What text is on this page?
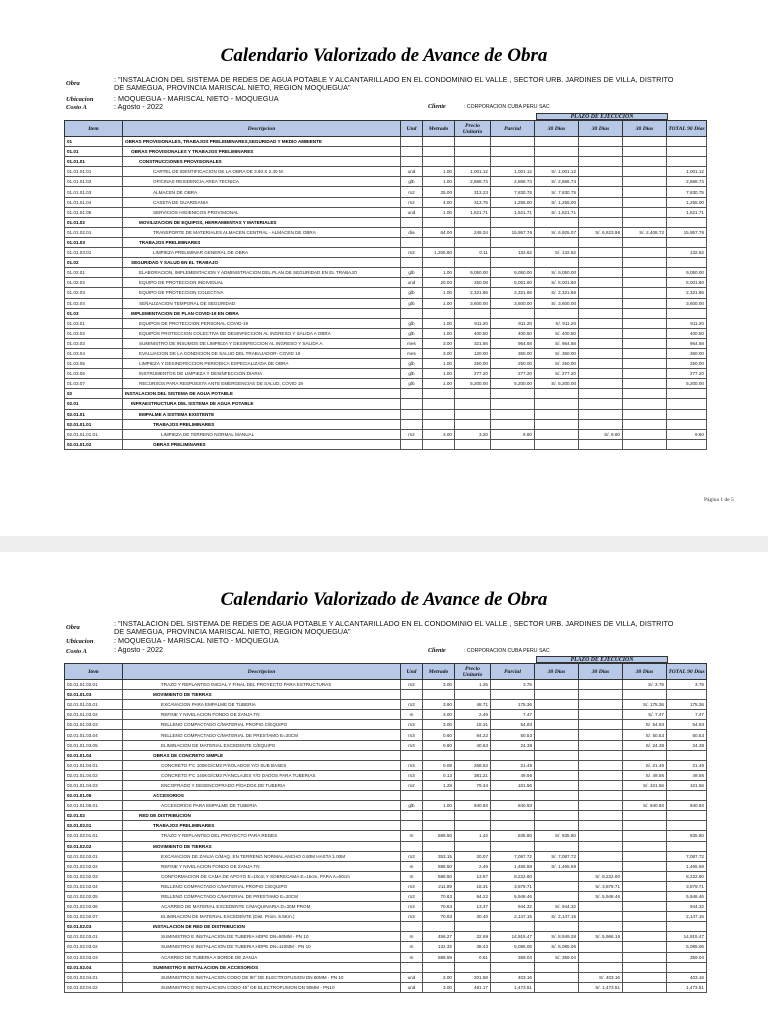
Calendario Valorizado de Avance de Obra
Obra	: "INSTALACION DEL SISTEMA DE REDES DE AGUA POTABLE Y ALCANTARILLADO EN EL CONDOMINIO EL VALLE , SECTOR URB. JARDINES DE VILLA, DISTRITO DE SAMEGUA, PROVINCIA MARISCAL NIETO, REGION MOQUEGUA"
Ubicacion	: MOQUEGUA - MARISCAL NIETO - MOQUEGUA
Costo A	: Agosto - 2022	Cliente	: CORPORACION CUBA PERU SAC
PLAZO DE EJECUCION
Item	Descripcion	Und	Metrado	Precio Unitario	Parcial	30 Dias	30 Dias	30 Dias	TOTAL 90 Dias
01	OBRAS PROVISIONALES, TRABAJOS PRELEIMINARES,SEGURIDAD Y MEDIO AMBIENTE								
01.01	OBRAS PROVISIONALES Y TRABAJOS PRELIMINARES								
01.01.01	CONSTRUCCIONES PROVISIONALES								
01.01.01.01	CARTEL DE IDENTIFICACION DE LA OBRA DE 3.60 X 2.40 M.	und	1.00	1,001.12	1,001.12	S/. 1,001.12			1,001.12
01.01.01.02	OFICINAS RESIDENCIA,AREA TECNICA	glb	1.00	2,868.74	2,868.74	S/. 2,868.74			2,868.74
01.01.01.03	ALMACEN DE OBRA	m2	25.00	313.23	7,830.75	S/. 7,830.75			7,830.75
01.01.01.04	CASETA DE GUARDIANIA	m2	4.00	313.75	1,255.00	S/. 1,255.00			1,255.00
01.01.01.05	SERVICIOS HIGIENICOS PROVISIONAL	und	1.00	1,521.71	1,521.71	S/. 1,521.71			1,521.71
01.01.02	MOVILIZACION DE EQUIPOS, HERRAMIENTAS Y MATERIALES								
01.01.02.01	TRANSPORTE DE MATERIALES ALMACEN CENTRAL - ALMACEN DE OBRA	dia	64.00	249.34	15,957.76	S/. 6,925.07	S/. 6,623.98	S/. 2,408.72	15,957.76
01.01.03	TRABAJOS PRELIMINARES								
01.01.03.01	LIMPIEZA PRELIMINAR GENERAL DE OBRA	m2	1,205.60	0.11	132.62	S/. 132.62			132.62
01.02	SEGURIDAD Y SALUD EN EL TRABAJO								
01.02.01	ELABORACION, IMPLEMENTACION Y ADMINISTRACION DEL PLAN DE SEGURIDAD EN EL TRABAJO	glb	1.00	9,050.00	9,050.00	S/. 9,050.00			9,050.00
01.02.02	EQUIPO DE PROTECCION INDIVIDUAL	und	20.00	250.08	5,001.60	S/. 5,001.60			5,001.60
01.02.03	EQUIPO DE PROTECCION COLECTIVA	glb	1.00	2,321.66	2,321.66	S/. 2,321.66			2,321.66
01.02.04	SEÑALIZACION TEMPORAL DE SEGURIDAD	glb	1.00	3,600.00	3,600.00	S/. 3,600.00			3,600.00
01.03	IMPLEMENTACION DE PLAN COVID-19 EN OBRA								
01.03.01	EQUIPOS DE PROTECCION PERSONAL COVID-19	glb	1.00	911.20	911.20	S/. 911.20			911.20
01.03.02	EQUIPOS PROTECCION COLECTIVA DE DESINFECCION AL INGRESO Y SALIDA A OBRA	glb	1.00	400.50	400.50	S/. 400.50			400.50
01.03.03	SUMINISTRO DE INSUMOS DE LIMPIEZA Y DESINFECCION AL INGRESO Y SALIDA A	mes	3.00	321.56	964.68	S/. 964.68			964.68
01.03.04	EVALUACION DE LA CONDICION DE SALUD DEL TRABAJADOR- COVID 19	mes	3.00	120.00	360.00	S/. 360.00			360.00
01.03.05	LIMPIEZA Y DESINDFECCION PERIODICA ESPECIALIZADA DE OBRA	glb	1.00	250.00	250.00	S/. 250.00			250.00
01.03.06	INSTRUMENTOS DE LIMPIEZA Y DESINFECCION DIARIA	glb	1.00	277.20	277.20	S/. 277.20			277.20
01.03.07	RECURSOS PARA RESPUESTA ANTE EMERGENCIAS DE SALUD, COVID 19	glb	1.00	5,200.00	5,200.00	S/. 5,200.00			5,200.00
02	INSTALACION DEL SISTEMA DE AGUA POTABLE								
02.01	INFRAESTRUCTURA DEL SISTEMA DE AGUA POTABLE								
02.01.01	EMPALME A SISTEMA EXISTENTE								
02.01.01.01	TRABAJOS PRELIMINARES								
02.01.01.01.01	LIMPIEZA DE TERRENO NORMAL MANUAL	m2	3.00	3.20	9.60		S/. 9.60		9.60
02.01.01.02	OBRAS PRELIMINARES								
Página 1 de 5
Calendario Valorizado de Avance de Obra
Obra	: "INSTALACION DEL SISTEMA DE REDES DE AGUA POTABLE Y ALCANTARILLADO EN EL CONDOMINIO EL VALLE , SECTOR URB. JARDINES DE VILLA, DISTRITO DE SAMEGUA, PROVINCIA MARISCAL NIETO, REGION MOQUEGUA"
Ubicacion	: MOQUEGUA - MARISCAL NIETO - MOQUEGUA
Costo A	: Agosto - 2022	Cliente	: CORPORACION CUBA PERU SAC
PLAZO DE EJECUCION
Item	Descripcion	Und	Metrado	Precio Unitario	Parcial	30 Dias	30 Dias	30 Dias	TOTAL 90 Dias
02.01.01.02.01	TRAZO Y REPLANTEO INICIAL Y FINAL DEL PROYECTO PARA ESTRUCTURAS	m2	3.00	1.25	3.75			S/. 3.75	3.75
02.01.01.03	MOVIMIENTO DE TIERRAS								
02.01.01.03.01	EXCAVACION PARA EMPALME DE TUBERIA	m3	3.60	48.71	175.36			S/. 175.36	175.36
02.01.01.03.02	REFINE Y NIVELACION FONDO DE ZANJA TN	m	3.00	2.49	7.47			S/. 7.47	7.47
02.01.01.03.03	RELLENO COMPACTADO C/MATERIAL PROPIO C/EQUIPO	m3	3.00	18.31	54.93			S/. 54.93	54.93
02.01.01.03.04	RELLENO COMPACTADO C/MATERIAL DE PRESTAMO E=20CM	m3	0.60	84.22	50.53			S/. 50.53	50.53
02.01.01.03.05	ELIMINACION DE MATERIAL EXCEDENTE C/EQUIPO	m3	0.60	40.63	24.38			S/. 24.38	24.38
02.01.01.04	OBRAS DE CONCRETO SIMPLE								
02.01.01.04.01	CONCRETO F'C 100KG/CM2 P/SOLADOS Y/O SUB BASES	m3	0.08	268.53	21.48			S/. 21.48	21.48
02.01.01.04.02	CONCRETO F'C 140KG/CM2 P/ANCLAJES Y/O DADOS PARA TUBERIAS	m3	0.13	381.21	49.56			S/. 49.56	49.56
02.01.01.04.03	ENCOFRADO Y DESENCOFRADO P/DADOS DE TUBERIA	m2	1.28	79.34	101.56			S/. 101.56	101.56
02.01.01.05	ACCESORIOS								
02.01.01.05.01	ACCESORIOS PARA EMPALME DE TUBERIA	glb	1.00	840.93	840.93			S/. 840.93	840.93
02.01.02	RED DE DISTRIBUCION								
02.01.02.01	TRABAJOS PRELIMINARES								
02.01.02.01.01	TRAZO Y REPLANTEO DEL PROYECTO PARA REDES	m	588.50	1.42	835.80	S/. 835.80			835.80
02.01.02.02	MOVIMIENTO DE TIERRAS								
02.01.02.02.01	EXCAVACION DE ZANJA C/MAQ. EN TERRENO NORMAL ANCHO 0.60M HASTA 1.00M	m3	353.15	20.07	7,087.72	S/. 7,087.72			7,087.72
02.01.02.02.02	REFINE Y NIVELACION FONDO DE ZANJA TN	m	588.50	2.49	1,465.59	S/. 1,465.59			1,465.59
02.01.02.02.03	CONFORMACION DE CAMA DE APOYO E=10cm Y SOBRECAMA E=15cm, PARA A=60cm	m	588.50	13.97	8,222.60		S/. 8,222.60		8,222.60
02.01.02.02.04	RELLENO COMPACTADO C/MATERIAL PROPIO C/EQUIPO	m3	211.89	18.31	3,879.71		S/. 3,879.71		3,879.71
02.01.02.02.05	RELLENO COMPACTADO C/MATERIAL DE PRESTAMO E=20CM	m3	70.63	84.22	5,948.46		S/. 5,948.46		5,948.46
02.01.02.02.06	ACARREO DE MATERIAL EXCEDENTE C/MAQUINARIA D=30M PROM	m3	70.63	13.37	944.32	S/. 944.32			944.32
02.01.02.02.07	ELIMINACION DE MATERIAL EXCEDENTE (Dist. Prom. 5.5Km.)	m3	70.63	30.40	2,147.15	S/. 2,147.15			2,147.15
02.01.02.03	INSTALACION DE RED DE DISTRIBUCION								
02.01.02.03.01	SUMINISTRO E INSTALACION DE TUBERIA HDPE DN=90MM - PN 10	m	456.27	32.69	14,915.47	S/. 8,949.28	S/. 5,966.19		14,915.47
02.01.02.03.02	SUMINISTRO E INSTALACION DE TUBERIA HDPE DN=110MM - PN 10	m	132.32	38.43	5,085.06	S/. 5,085.06			5,085.06
02.01.02.03.03	ACARREO DE TUBERIA A BORDE DE ZANJA	m	588.59	0.61	359.04	S/. 359.04			359.04
02.01.02.04	SUMINISTRO E INSTALACION DE ACCESORIOS								
02.01.02.04.01	SUMINISTRO E INSTALACION CODO DE 90° DE ELECTROFUSION DN 90MM - PN 10	und	2.00	201.58	403.16		S/. 403.16		403.16
02.01.02.04.02	SUMINISTRO E INSTALACION CODO 45° DE ELECTROFUSION DN 90MM - PN10	und	3.00	491.17	1,473.51		S/. 1,473.51		1,473.51
